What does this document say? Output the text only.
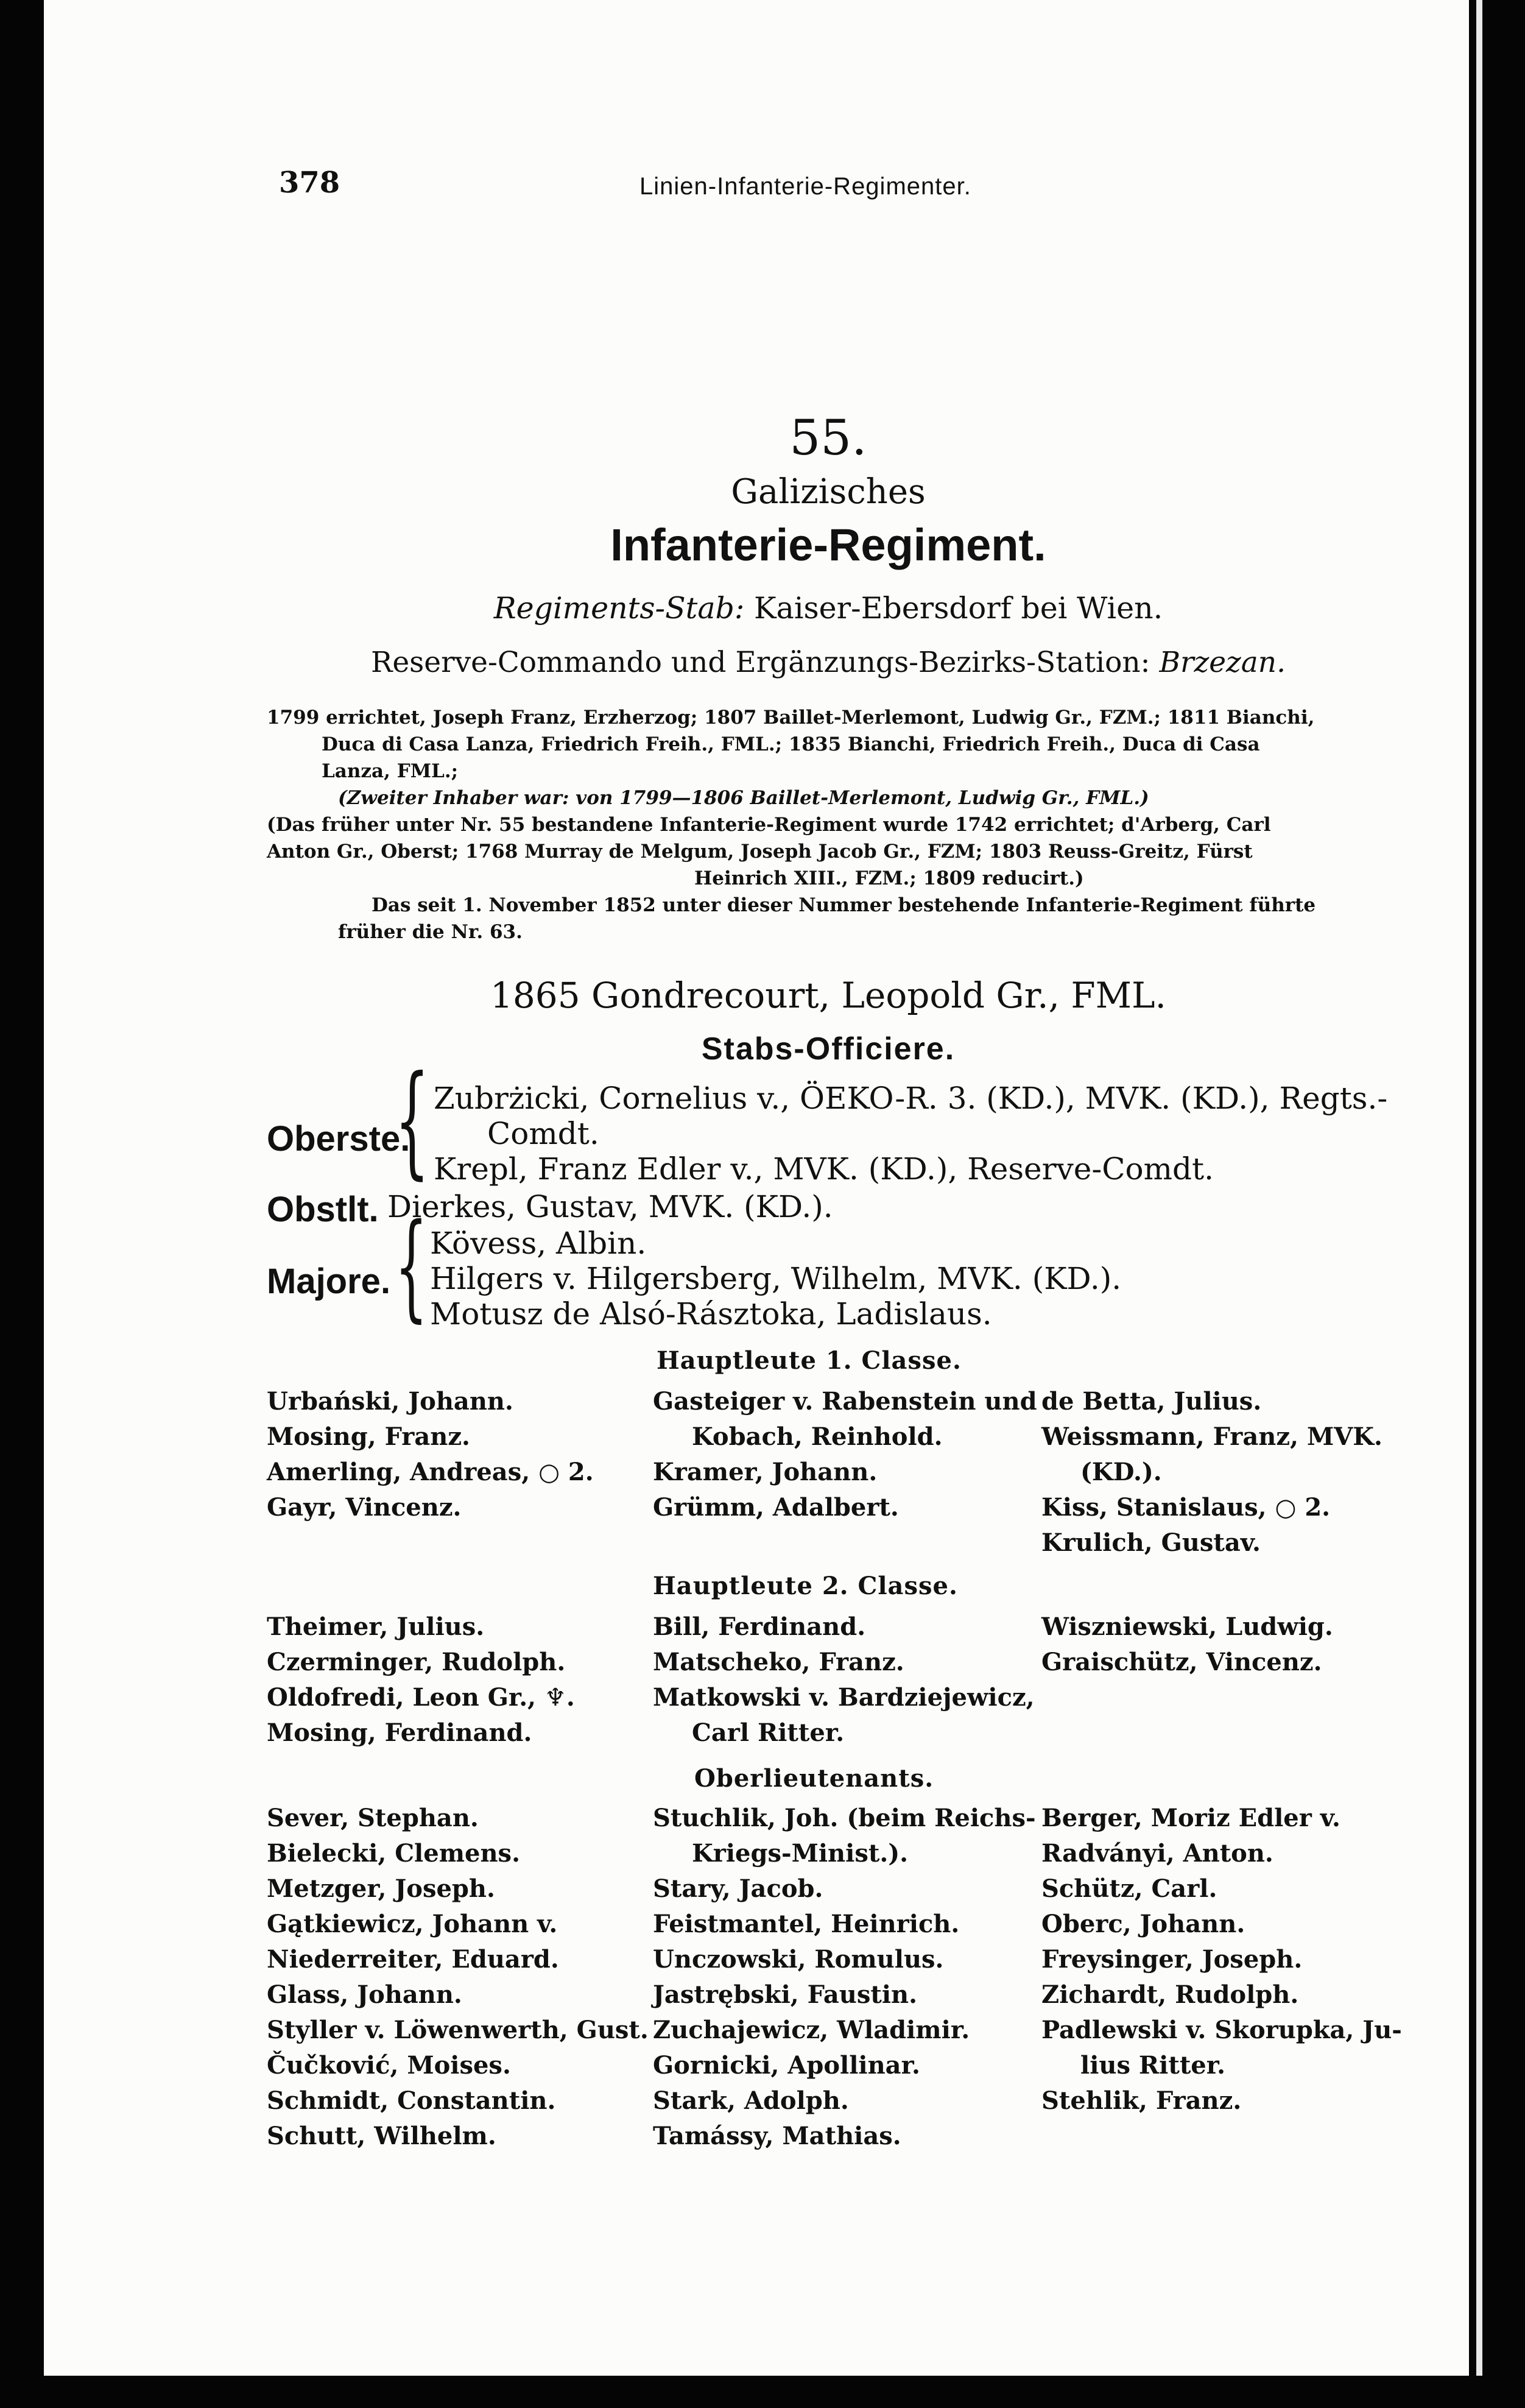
378	Linien-Infanterie-Regimenter.
55.
Galizisches
Infanterie-Regiment.
Regiments-Stab: Kaiser-Ebersdorf bei Wien.
Reserve-Commando und Ergänzungs-Bezirks-Station: Brzezan.
1799 errichtet, Joseph Franz, Erzherzog; 1807 Baillet-Merlemont, Ludwig Gr., FZM.; 1811 Bianchi,
Duca di Casa Lanza, Friedrich Freih., FML.; 1835 Bianchi, Friedrich Freih., Duca di Casa
Lanza, FML.;
(Zweiter Inhaber war: von 1799—1806 Baillet-Merlemont, Ludwig Gr., FML.)
(Das früher unter Nr. 55 bestandene Infanterie-Regiment wurde 1742 errichtet; d'Arberg, Carl
Anton Gr., Oberst; 1768 Murray de Melgum, Joseph Jacob Gr., FZM; 1803 Reuss-Greitz, Fürst
Heinrich XIII., FZM.; 1809 reducirt.)
Das seit 1. November 1852 unter dieser Nummer bestehende Infanterie-Regiment führte
früher die Nr. 63.
1865 Gondrecourt, Leopold Gr., FML.
Stabs-Officiere.
Oberste.
{ Zubrżicki, Cornelius v., ÖEKO-R. 3. (KD.), MVK. (KD.), Regts.-
Comdt.
Krepl, Franz Edler v., MVK. (KD.), Reserve-Comdt.
Obstlt. Dierkes, Gustav, MVK. (KD.).
Majore. { Kövess, Albin.
Hilgers v. Hilgersberg, Wilhelm, MVK. (KD.).
Motusz de Alsó-Rásztoka, Ladislaus.
Hauptleute 1. Classe.
Urbański, Johann.
Mosing, Franz.
Amerling, Andreas, ○ 2.
Gayr, Vincenz.
Gasteiger v. Rabenstein und
Kobach, Reinhold.
Kramer, Johann.
Grümm, Adalbert.
de Betta, Julius.
Weissmann, Franz, MVK.
(KD.).
Kiss, Stanislaus, ○ 2.
Krulich, Gustav.
Hauptleute 2. Classe.
Theimer, Julius.
Czerminger, Rudolph.
Oldofredi, Leon Gr., ♆.
Mosing, Ferdinand.
Bill, Ferdinand.
Matscheko, Franz.
Matkowski v. Bardziejewicz,
Carl Ritter.
Wiszniewski, Ludwig.
Graischütz, Vincenz.
Oberlieutenants.
Sever, Stephan.
Bielecki, Clemens.
Metzger, Joseph.
Gątkiewicz, Johann v.
Niederreiter, Eduard.
Glass, Johann.
Styller v. Löwenwerth, Gust.
Čučković, Moises.
Schmidt, Constantin.
Schutt, Wilhelm.
Stuchlik, Joh. (beim Reichs-
Kriegs-Minist.).
Stary, Jacob.
Feistmantel, Heinrich.
Unczowski, Romulus.
Jastrębski, Faustin.
Zuchajewicz, Wladimir.
Gornicki, Apollinar.
Stark, Adolph.
Tamássy, Mathias.
Berger, Moriz Edler v.
Radványi, Anton.
Schütz, Carl.
Oberc, Johann.
Freysinger, Joseph.
Zichardt, Rudolph.
Padlewski v. Skorupka, Ju-
lius Ritter.
Stehlik, Franz.
